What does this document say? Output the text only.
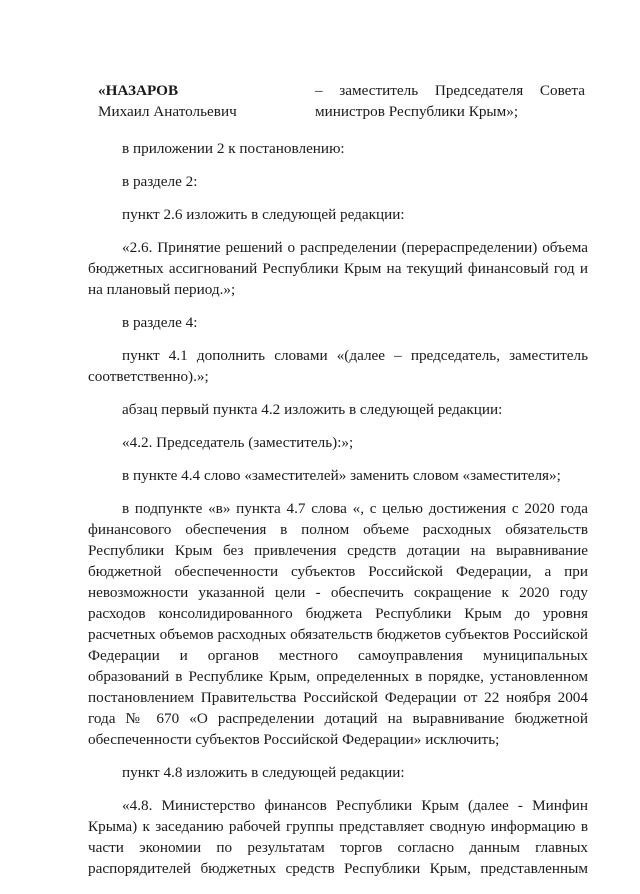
«НАЗАРОВ
Михаил Анатольевич
– заместитель Председателя Совета министров Республики Крым»;

в приложении 2 к постановлению:

в разделе 2:

пункт 2.6 изложить в следующей редакции:

«2.6. Принятие решений о распределении (перераспределении) объема бюджетных ассигнований Республики Крым на текущий финансовый год и на плановый период.»;

в разделе 4:

пункт 4.1 дополнить словами «(далее – председатель, заместитель соответственно).»;

абзац первый пункта 4.2 изложить в следующей редакции:

«4.2. Председатель (заместитель):»;

в пункте 4.4 слово «заместителей» заменить словом «заместителя»;

в подпункте «в» пункта 4.7 слова «, с целью достижения с 2020 года финансового обеспечения в полном объеме расходных обязательств Республики Крым без привлечения средств дотации на выравнивание бюджетной обеспеченности субъектов Российской Федерации, а при невозможности указанной цели - обеспечить сокращение к 2020 году расходов консолидированного бюджета Республики Крым до уровня расчетных объемов расходных обязательств бюджетов субъектов Российской Федерации и органов местного самоуправления муниципальных образований в Республике Крым, определенных в порядке, установленном постановлением Правительства Российской Федерации от 22 ноября 2004 года № 670 «О распределении дотаций на выравнивание бюджетной обеспеченности субъектов Российской Федерации» исключить;

пункт 4.8 изложить в следующей редакции:

«4.8. Министерство финансов Республики Крым (далее - Минфин Крыма) к заседанию рабочей группы представляет сводную информацию в части экономии по результатам торгов согласно данным главных распорядителей бюджетных средств Республики Крым, представленным
